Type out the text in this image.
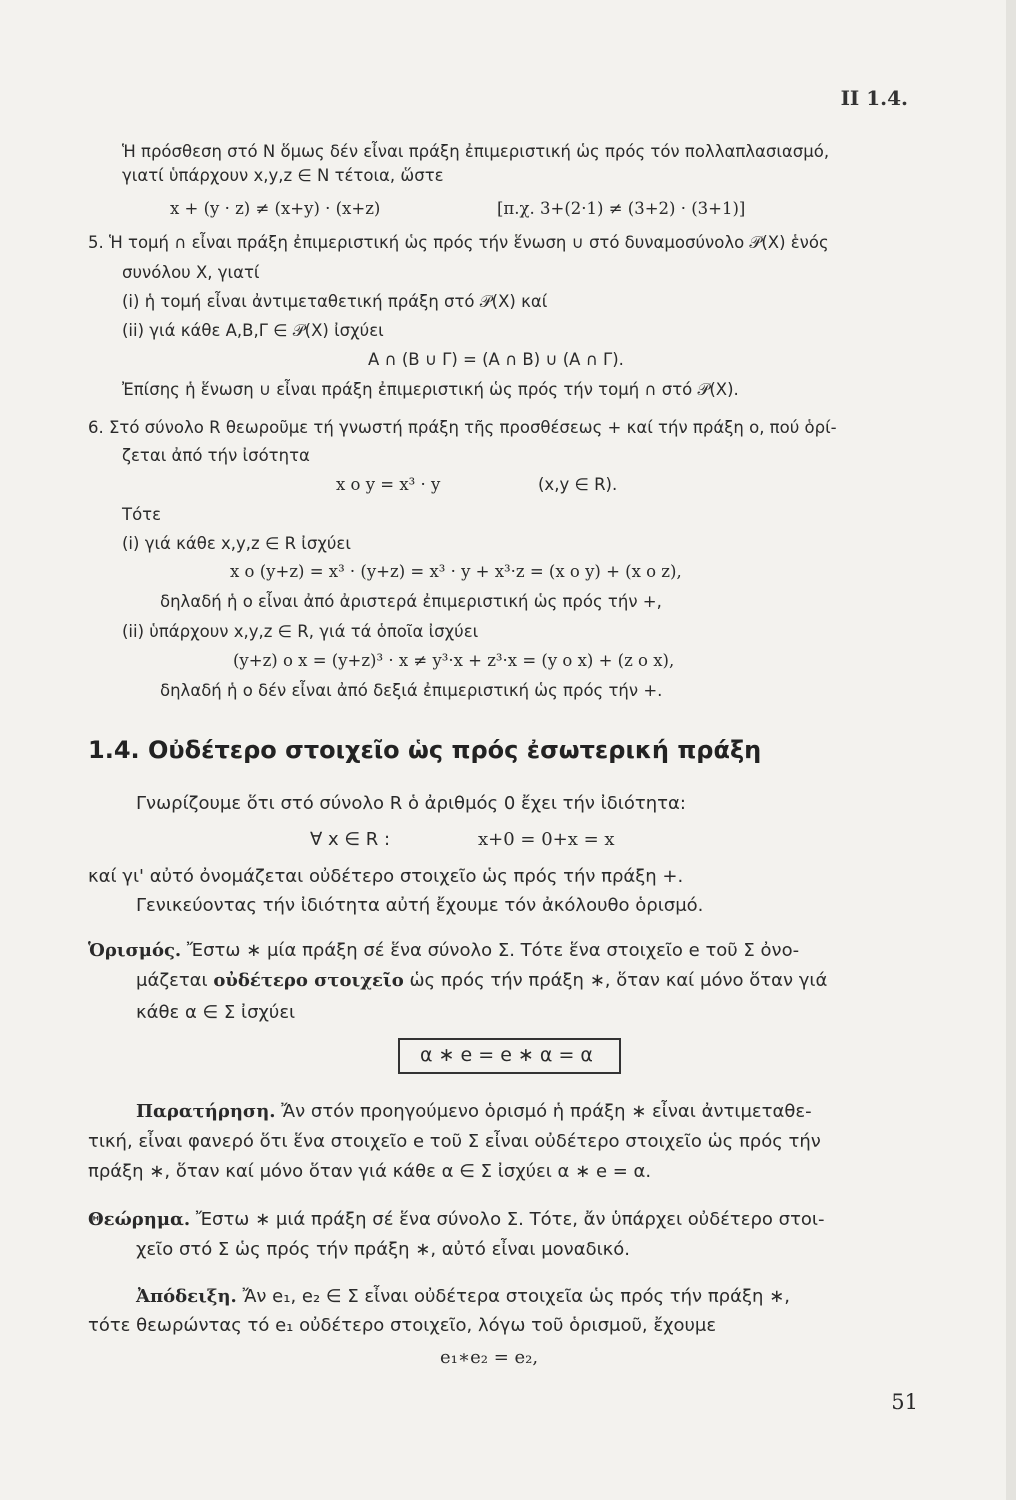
II 1.4.
Ἡ πρόσθεση στό N ὅμως δέν εἶναι πράξη ἐπιμεριστική ὡς πρός τόν πολλαπλασιασμό,
γιατί ὑπάρχουν x,y,z ∈ N τέτοια, ὥστε
x + (y · z) ≠ (x+y) · (x+z)	[π.χ. 3+(2·1) ≠ (3+2) · (3+1)]
5. Ἡ τομή ∩ εἶναι πράξη ἐπιμεριστική ὡς πρός τήν ἕνωση ∪ στό δυναμοσύνολο 𝒫(X) ἑνός
συνόλου X, γιατί
(i) ἡ τομή εἶναι ἀντιμεταθετική πράξη στό 𝒫(X) καί
(ii) γιά κάθε A,B,Γ ∈ 𝒫(X) ἰσχύει
A ∩ (B ∪ Γ) = (A ∩ B) ∪ (A ∩ Γ).
Ἐπίσης ἡ ἕνωση ∪ εἶναι πράξη ἐπιμεριστική ὡς πρός τήν τομή ∩ στό 𝒫(X).
6. Στό σύνολο R θεωροῦμε τή γνωστή πράξη τῆς προσθέσεως + καί τήν πράξη ο, πού ὁρί-
ζεται ἀπό τήν ἰσότητα
x ο y = x³ · y	(x,y ∈ R).
Τότε
(i) γιά κάθε x,y,z ∈ R ἰσχύει
x ο (y+z) = x³ · (y+z) = x³ · y + x³·z = (x ο y) + (x ο z),
δηλαδή ἡ ο εἶναι ἀπό ἀριστερά ἐπιμεριστική ὡς πρός τήν +,
(ii) ὑπάρχουν x,y,z ∈ R, γιά τά ὁποῖα ἰσχύει
(y+z) ο x = (y+z)³ · x ≠ y³·x + z³·x = (y ο x) + (z ο x),
δηλαδή ἡ ο δέν εἶναι ἀπό δεξιά ἐπιμεριστική ὡς πρός τήν +.
1.4. Οὐδέτερο στοιχεῖο ὡς πρός ἐσωτερική πράξη
Γνωρίζουμε ὅτι στό σύνολο R ὁ ἀριθμός 0 ἔχει τήν ἰδιότητα:
∀ x ∈ R :	x+0 = 0+x = x
καί γι' αὐτό ὀνομάζεται οὐδέτερο στοιχεῖο ὡς πρός τήν πράξη +.
Γενικεύοντας τήν ἰδιότητα αὐτή ἔχουμε τόν ἀκόλουθο ὁρισμό.
Ὁρισμός. Ἔστω ∗ μία πράξη σέ ἕνα σύνολο Σ. Τότε ἕνα στοιχεῖο e τοῦ Σ ὀνο-
μάζεται οὐδέτερο στοιχεῖο ὡς πρός τήν πράξη ∗, ὅταν καί μόνο ὅταν γιά
κάθε α ∈ Σ ἰσχύει
α ∗ e = e ∗ α = α
Παρατήρηση. Ἄν στόν προηγούμενο ὁρισμό ἡ πράξη ∗ εἶναι ἀντιμεταθε-
τική, εἶναι φανερό ὅτι ἕνα στοιχεῖο e τοῦ Σ εἶναι οὐδέτερο στοιχεῖο ὡς πρός τήν
πράξη ∗, ὅταν καί μόνο ὅταν γιά κάθε α ∈ Σ ἰσχύει α ∗ e = α.
Θεώρημα. Ἔστω ∗ μιά πράξη σέ ἕνα σύνολο Σ. Τότε, ἄν ὑπάρχει οὐδέτερο στοι-
χεῖο στό Σ ὡς πρός τήν πράξη ∗, αὐτό εἶναι μοναδικό.
Ἀπόδειξη. Ἄν e₁, e₂ ∈ Σ εἶναι οὐδέτερα στοιχεῖα ὡς πρός τήν πράξη ∗,
τότε θεωρώντας τό e₁ οὐδέτερο στοιχεῖο, λόγω τοῦ ὁρισμοῦ, ἔχουμε
e₁∗e₂ = e₂,
51
